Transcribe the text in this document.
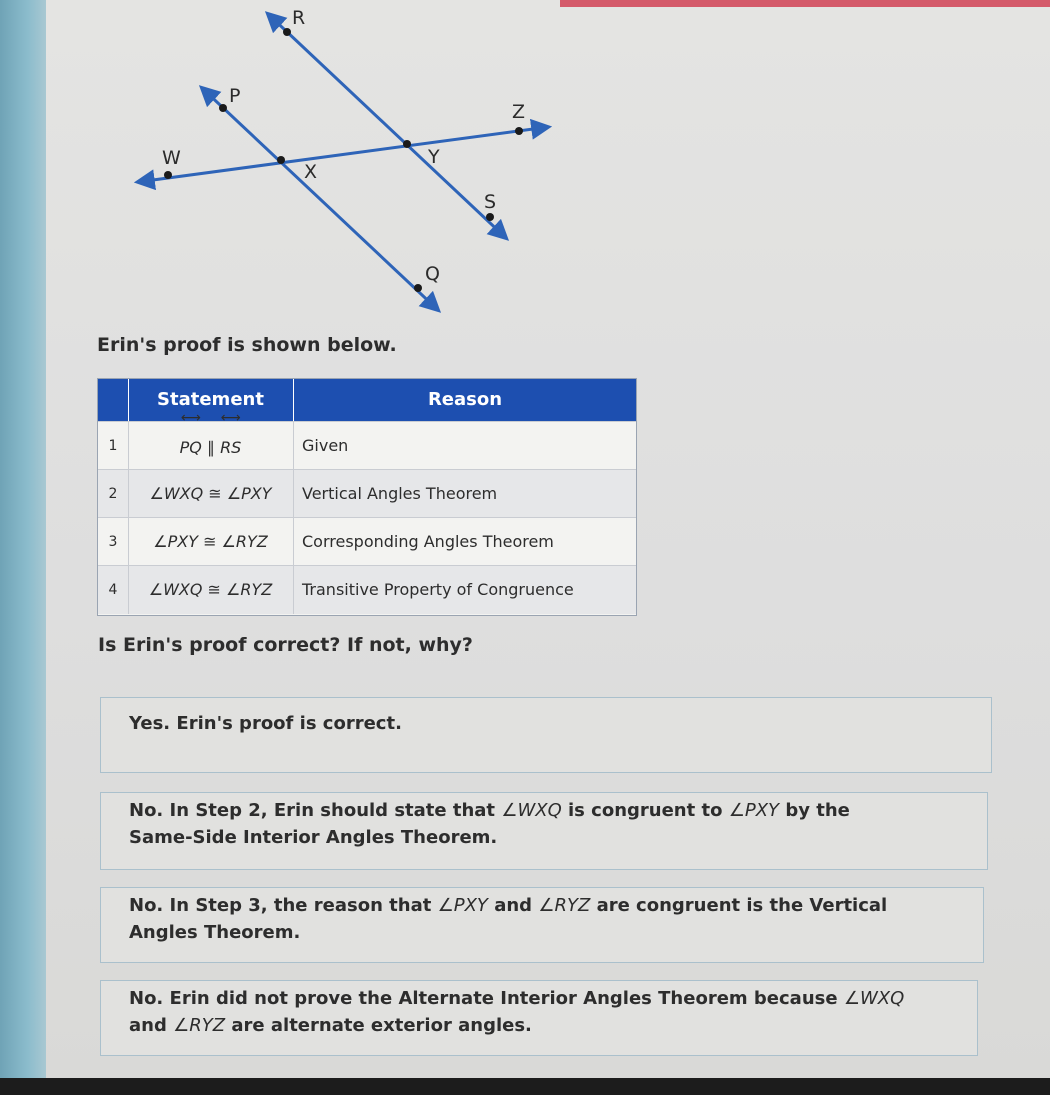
R
P
Z
W	Y
X
S
Q
Erin's proof is shown below.
Statement	Reason
1
⟷	PQ ∥ ⟷ RS	Given
2	∠WXQ ≅ ∠PXY	Vertical Angles Theorem
3	∠PXY ≅ ∠RYZ	Corresponding Angles Theorem
4	∠WXQ ≅ ∠RYZ	Transitive Property of Congruence
Is Erin's proof correct? If not, why?
Yes. Erin's proof is correct.
No. In Step 2, Erin should state that ∠WXQ is congruent to ∠PXY by the
Same-Side Interior Angles Theorem.
No. In Step 3, the reason that ∠PXY and ∠RYZ are congruent is the Vertical
Angles Theorem.
No. Erin did not prove the Alternate Interior Angles Theorem because ∠WXQ
and ∠RYZ are alternate exterior angles.
